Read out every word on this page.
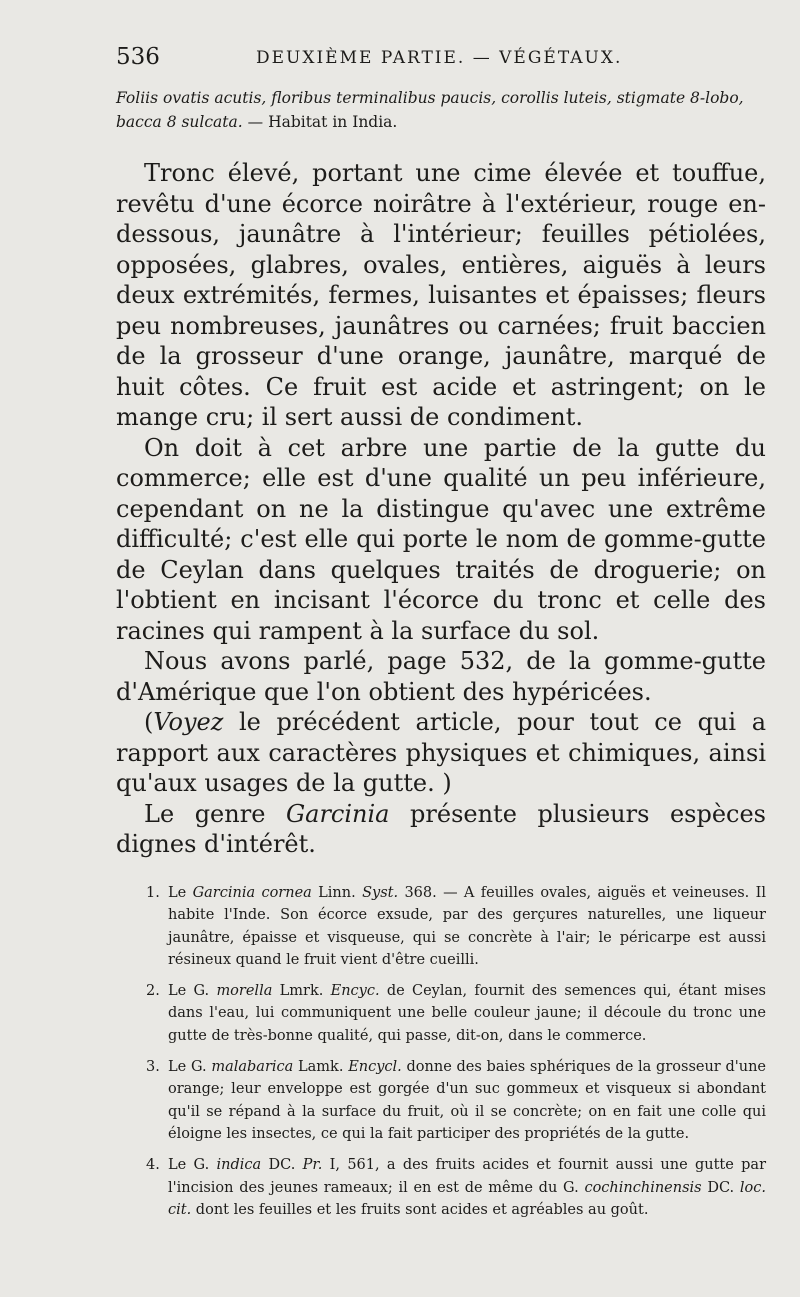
536	DEUXIÈME PARTIE. — VÉGÉTAUX.
Foliis ovatis acutis, floribus terminalibus paucis, corollis luteis, stigmate 8-lobo, bacca 8 sulcata. — Habitat in India.

Tronc élevé, portant une cime élevée et touffue, revêtu d'une écorce noirâtre à l'extérieur, rouge en-dessous, jaunâtre à l'intérieur; feuilles pétiolées, opposées, glabres, ovales, entières, aiguës à leurs deux extrémités, fermes, luisantes et épaisses; fleurs peu nombreuses, jaunâtres ou carnées; fruit baccien de la grosseur d'une orange, jaunâtre, marqué de huit côtes. Ce fruit est acide et astringent; on le mange cru; il sert aussi de condiment.

On doit à cet arbre une partie de la gutte du commerce; elle est d'une qualité un peu inférieure, cependant on ne la distingue qu'avec une extrême difficulté; c'est elle qui porte le nom de gomme-gutte de Ceylan dans quelques traités de droguerie; on l'obtient en incisant l'écorce du tronc et celle des racines qui rampent à la surface du sol.

Nous avons parlé, page 532, de la gomme-gutte d'Amérique que l'on obtient des hypéricées.

(Voyez le précédent article, pour tout ce qui a rapport aux caractères physiques et chimiques, ainsi qu'aux usages de la gutte. )

Le genre Garcinia présente plusieurs espèces dignes d'intérêt.

1. Le Garcinia cornea Linn. Syst. 368. — A feuilles ovales, aiguës et veineuses. Il habite l'Inde. Son écorce exsude, par des gerçures naturelles, une liqueur jaunâtre, épaisse et visqueuse, qui se concrète à l'air; le péricarpe est aussi résineux quand le fruit vient d'être cueilli.
2. Le G. morella Lmrk. Encyc. de Ceylan, fournit des semences qui, étant mises dans l'eau, lui communiquent une belle couleur jaune; il découle du tronc une gutte de très-bonne qualité, qui passe, dit-on, dans le commerce.
3. Le G. malabarica Lamk. Encycl. donne des baies sphériques de la grosseur d'une orange; leur enveloppe est gorgée d'un suc gommeux et visqueux si abondant qu'il se répand à la surface du fruit, où il se concrète; on en fait une colle qui éloigne les insectes, ce qui la fait participer des propriétés de la gutte.
4. Le G. indica DC. Pr. I, 561, a des fruits acides et fournit aussi une gutte par l'incision des jeunes rameaux; il en est de même du G. cochinchinensis DC. loc. cit. dont les feuilles et les fruits sont acides et agréables au goût.
